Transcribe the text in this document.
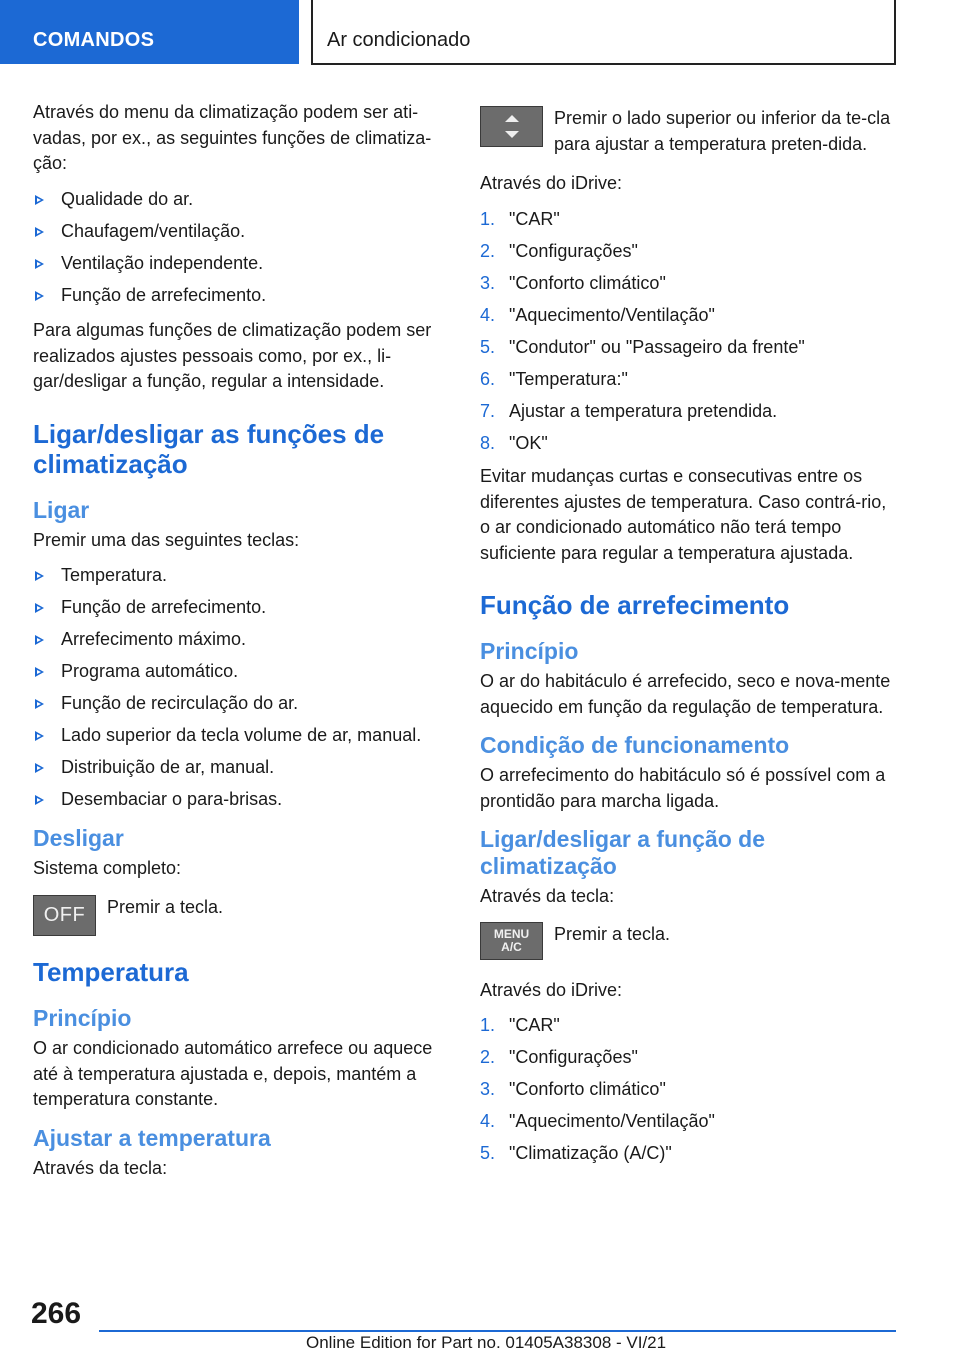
COMANDOS	Ar condicionado

Através do menu da climatização podem ser ati-vadas, por ex., as seguintes funções de climatiza-ção:

Qualidade do ar.
Chaufagem/ventilação.
Ventilação independente.
Função de arrefecimento.

Para algumas funções de climatização podem ser realizados ajustes pessoais como, por ex., li-gar/desligar a função, regular a intensidade.

Ligar/desligar as funções de climatização
Ligar

Premir uma das seguintes teclas:

Temperatura.
Função de arrefecimento.
Arrefecimento máximo.
Programa automático.
Função de recirculação do ar.
Lado superior da tecla volume de ar, manual.
Distribuição de ar, manual.
Desembaciar o para-brisas.
Desligar

Sistema completo:

OFF	Premir a tecla.
Temperatura
Princípio

O ar condicionado automático arrefece ou aquece até à temperatura ajustada e, depois, mantém a temperatura constante.

Ajustar a temperatura

Através da tecla:

Premir o lado superior ou inferior da te-cla para ajustar a temperatura preten-dida.

Através do iDrive:

1. "CAR"
2. "Configurações"
3. "Conforto climático"
4. "Aquecimento/Ventilação"
5. "Condutor" ou "Passageiro da frente"
6. "Temperatura:"
7. Ajustar a temperatura pretendida.
8. "OK"

Evitar mudanças curtas e consecutivas entre os diferentes ajustes de temperatura. Caso contrá-rio, o ar condicionado automático não terá tempo suficiente para regular a temperatura ajustada.

Função de arrefecimento
Princípio

O ar do habitáculo é arrefecido, seco e nova-mente aquecido em função da regulação de temperatura.

Condição de funcionamento

O arrefecimento do habitáculo só é possível com a prontidão para marcha ligada.

Ligar/desligar a função de climatização

Através da tecla:

MENU
A/C
Premir a tecla.

Através do iDrive:

1. "CAR"
2. "Configurações"
3. "Conforto climático"
4. "Aquecimento/Ventilação"
5. "Climatização (A/C)"
266
Online Edition for Part no. 01405A38308 - VI/21
